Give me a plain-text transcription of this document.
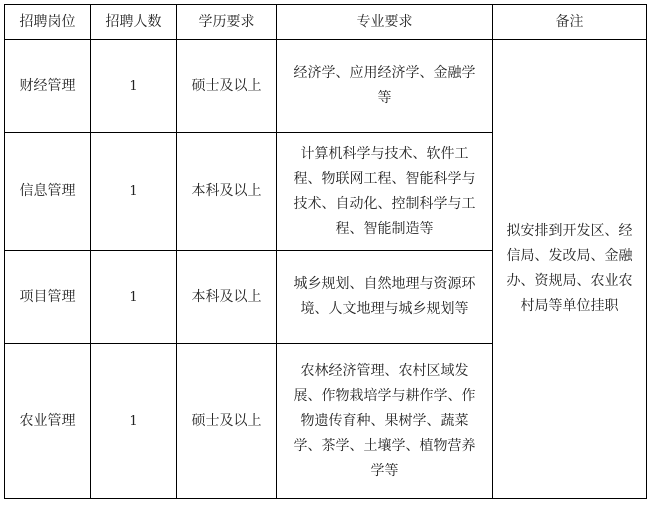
招聘岗位	招聘人数	学历要求	专业要求	备注
财经管理	1	硕士及以上	经济学、应用经济学、金融学等	拟安排到开发区、经信局、发改局、金融办、资规局、农业农村局等单位挂职
信息管理	1	本科及以上	计算机科学与技术、软件工程、物联网工程、智能科学与技术、自动化、控制科学与工程、智能制造等	
项目管理	1	本科及以上	城乡规划、自然地理与资源环境、人文地理与城乡规划等	
农业管理	1	硕士及以上	农林经济管理、农村区域发展、作物栽培学与耕作学、作物遗传育种、果树学、蔬菜学、茶学、土壤学、植物营养学等	
